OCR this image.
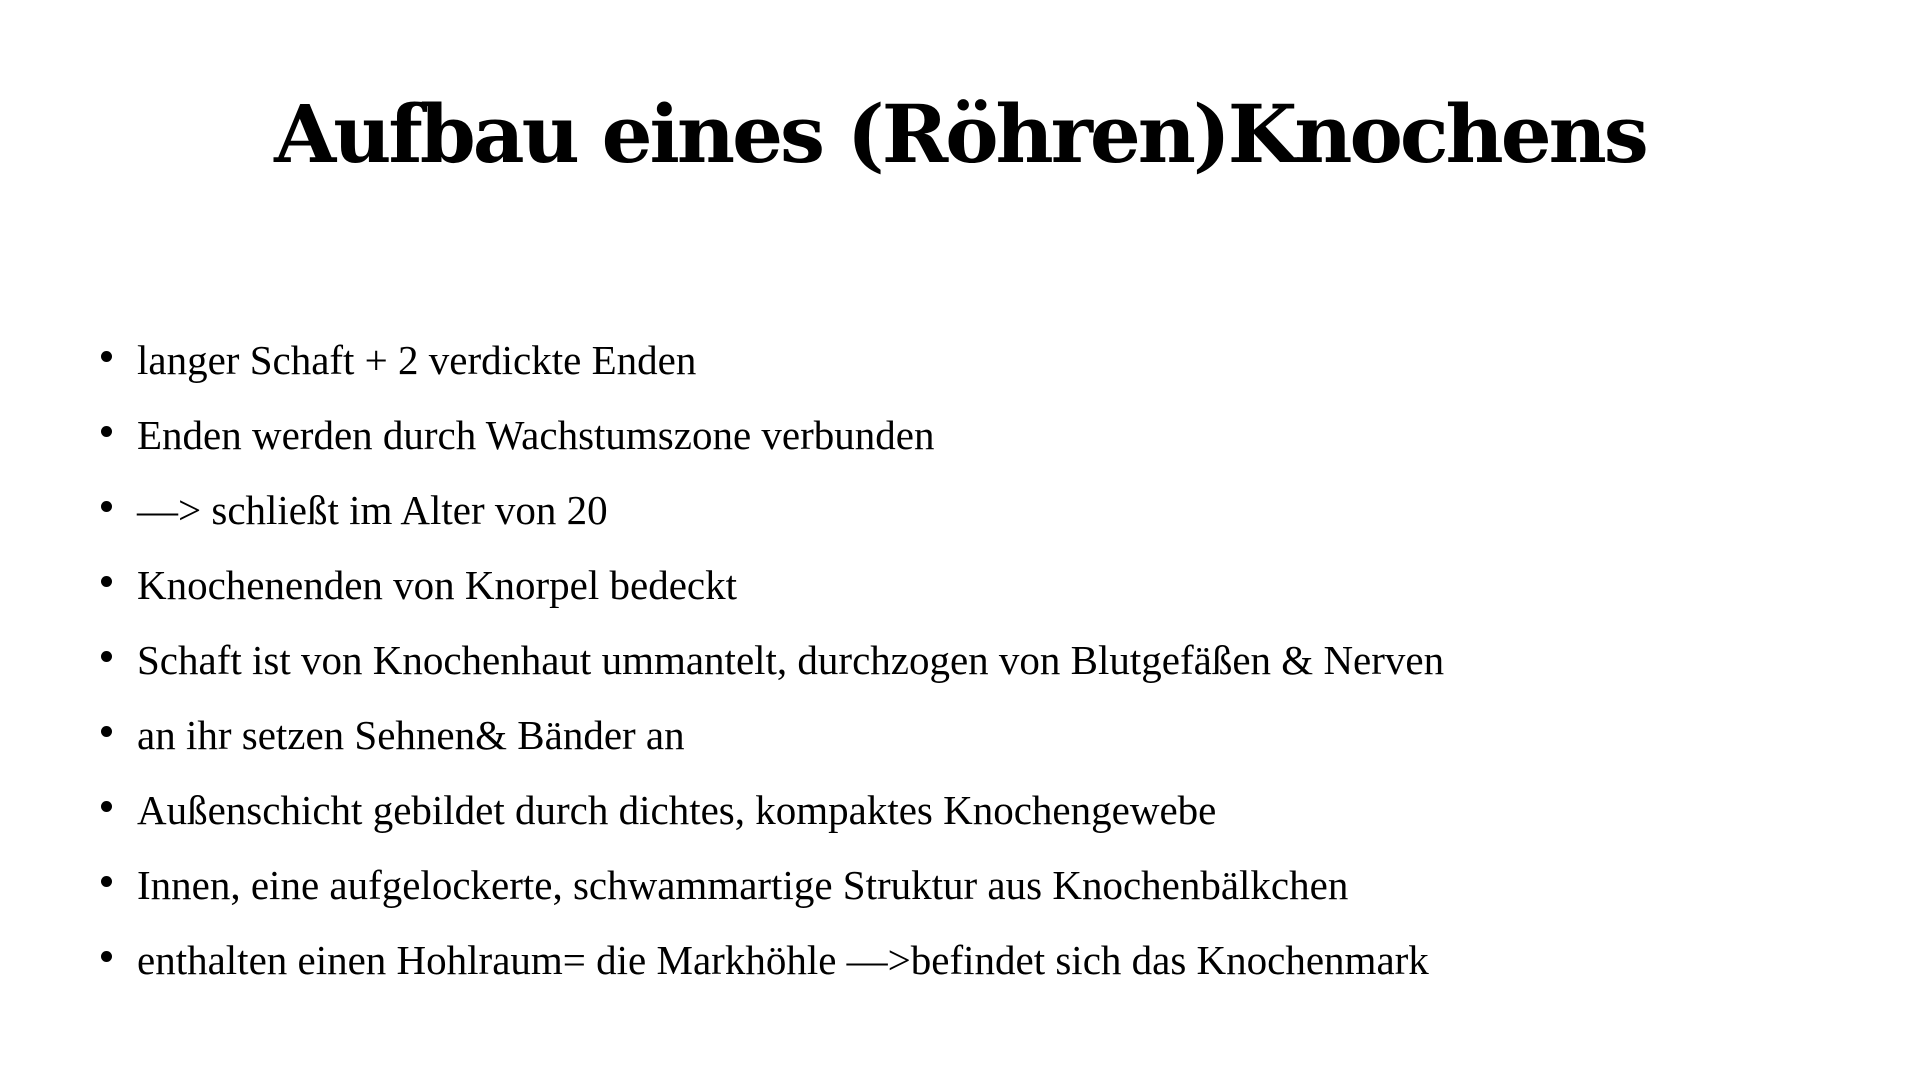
Aufbau eines (Röhren)Knochens
langer Schaft + 2 verdickte Enden
Enden werden durch Wachstumszone verbunden
—> schließt im Alter von 20
Knochenenden von Knorpel bedeckt
Schaft ist von Knochenhaut ummantelt, durchzogen von Blutgefäßen & Nerven
an ihr setzen Sehnen& Bänder an
Außenschicht gebildet durch dichtes, kompaktes Knochengewebe
Innen, eine aufgelockerte, schwammartige Struktur aus Knochenbälkchen
enthalten einen Hohlraum= die Markhöhle —>befindet sich das Knochenmark
